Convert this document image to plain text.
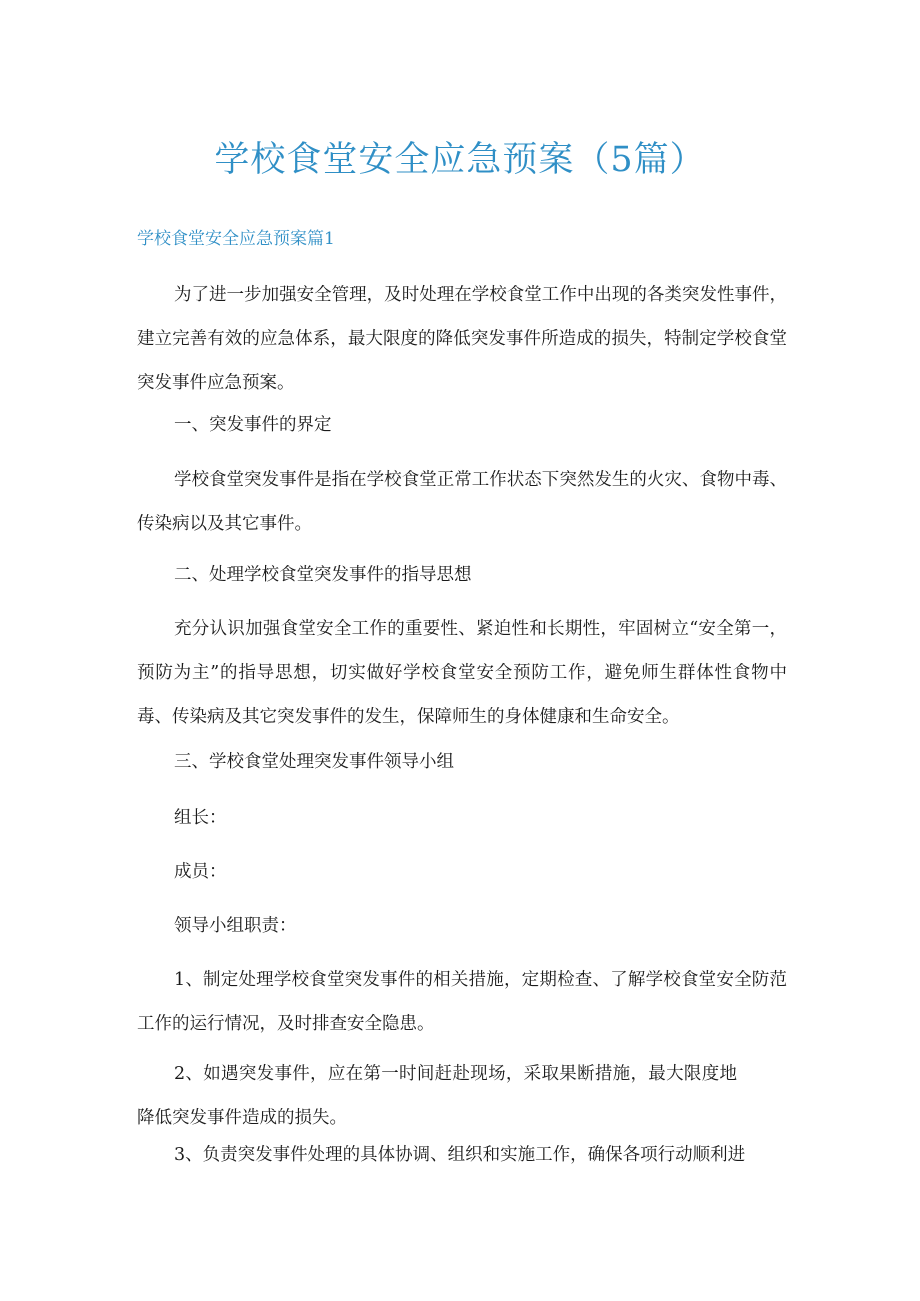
学校食堂安全应急预案（5篇）
学校食堂安全应急预案篇1

为了进一步加强安全管理，及时处理在学校食堂工作中出现的各类突发性事件，建立完善有效的应急体系，最大限度的降低突发事件所造成的损失，特制定学校食堂突发事件应急预案。

一、突发事件的界定

学校食堂突发事件是指在学校食堂正常工作状态下突然发生的火灾、食物中毒、传染病以及其它事件。

二、处理学校食堂突发事件的指导思想

充分认识加强食堂安全工作的重要性、紧迫性和长期性，牢固树立“安全第一，预防为主”的指导思想，切实做好学校食堂安全预防工作，避免师生群体性食物中毒、传染病及其它突发事件的发生，保障师生的身体健康和生命安全。

三、学校食堂处理突发事件领导小组

组长：

成员：

领导小组职责：

1、制定处理学校食堂突发事件的相关措施，定期检查、了解学校食堂安全防范工作的运行情况，及时排查安全隐患。

2、如遇突发事件，应在第一时间赶赴现场，采取果断措施，最大限度地降低突发事件造成的损失。

3、负责突发事件处理的具体协调、组织和实施工作，确保各项行动顺利进
